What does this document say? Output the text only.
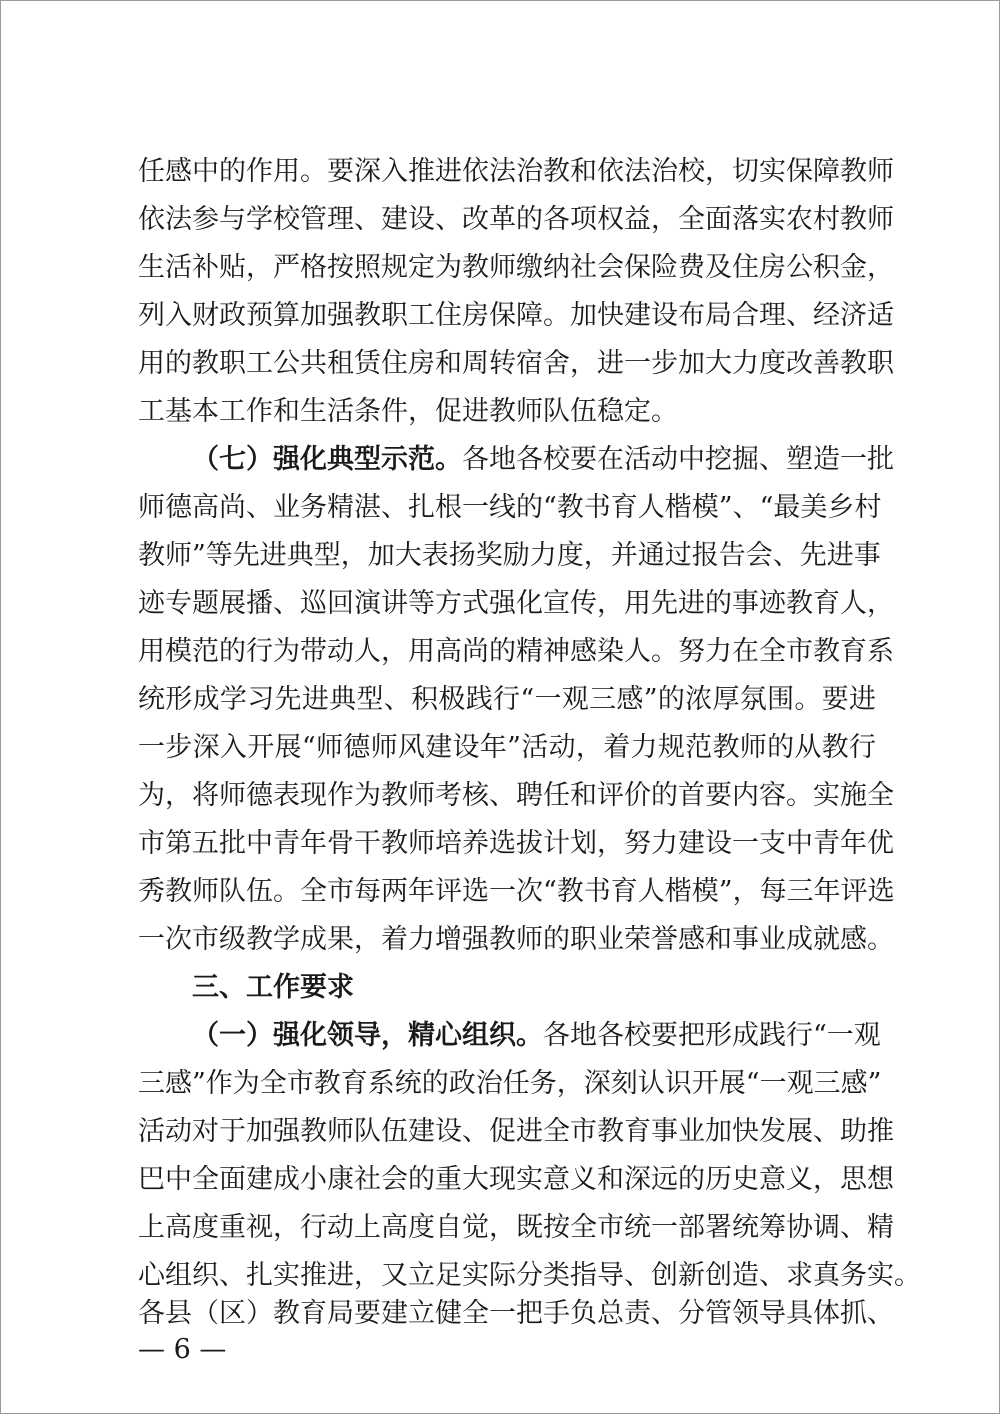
任感中的作用。要深入推进依法治教和依法治校，切实保障教师
依法参与学校管理、建设、改革的各项权益，全面落实农村教师
生活补贴，严格按照规定为教师缴纳社会保险费及住房公积金，
列入财政预算加强教职工住房保障。加快建设布局合理、经济适
用的教职工公共租赁住房和周转宿舍，进一步加大力度改善教职
工基本工作和生活条件，促进教师队伍稳定。
（七）强化典型示范。各地各校要在活动中挖掘、塑造一批
师德高尚、业务精湛、扎根一线的“教书育人楷模”、“最美乡村
教师”等先进典型，加大表扬奖励力度，并通过报告会、先进事
迹专题展播、巡回演讲等方式强化宣传，用先进的事迹教育人，
用模范的行为带动人，用高尚的精神感染人。努力在全市教育系
统形成学习先进典型、积极践行“一观三感”的浓厚氛围。要进
一步深入开展“师德师风建设年”活动，着力规范教师的从教行
为，将师德表现作为教师考核、聘任和评价的首要内容。实施全
市第五批中青年骨干教师培养选拔计划，努力建设一支中青年优
秀教师队伍。全市每两年评选一次“教书育人楷模”，每三年评选
一次市级教学成果，着力增强教师的职业荣誉感和事业成就感。
三、工作要求
（一）强化领导，精心组织。各地各校要把形成践行“一观
三感”作为全市教育系统的政治任务，深刻认识开展“一观三感”
活动对于加强教师队伍建设、促进全市教育事业加快发展、助推
巴中全面建成小康社会的重大现实意义和深远的历史意义，思想
上高度重视，行动上高度自觉，既按全市统一部署统筹协调、精
心组织、扎实推进，又立足实际分类指导、创新创造、求真务实。
各县（区）教育局要建立健全一把手负总责、分管领导具体抓、
— 6 —
